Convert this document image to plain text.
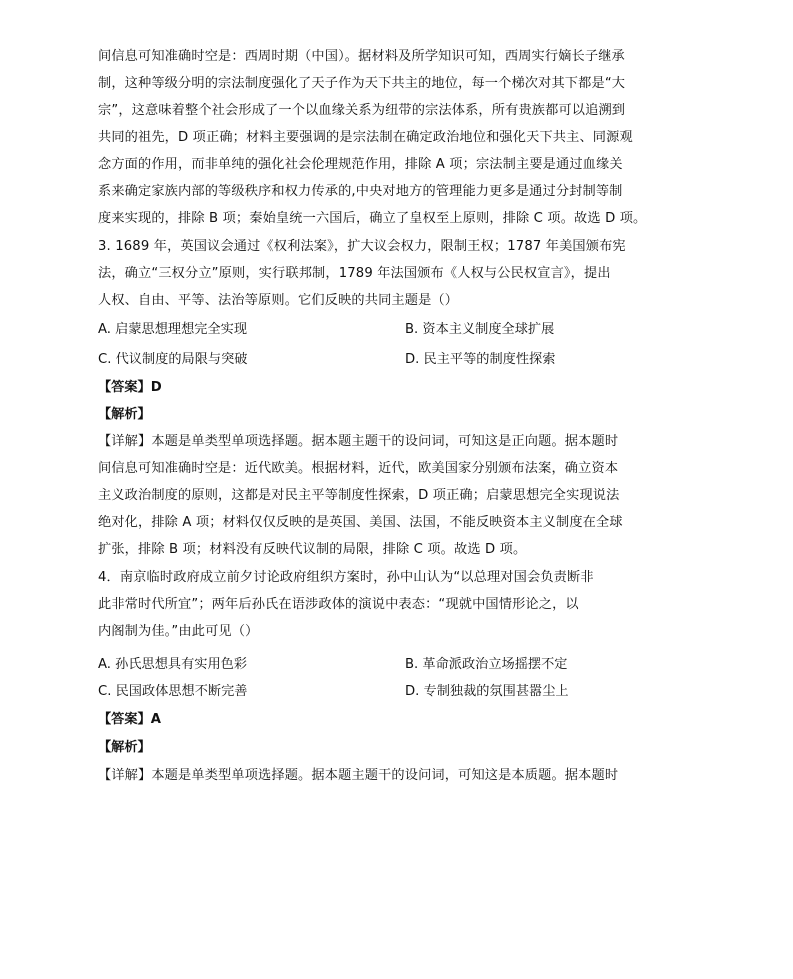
间信息可知准确时空是：西周时期（中国）。据材料及所学知识可知，西周实行嫡长子继承
制，这种等级分明的宗法制度强化了天子作为天下共主的地位，每一个梯次对其下都是“大
宗”，这意味着整个社会形成了一个以血缘关系为纽带的宗法体系，所有贵族都可以追溯到
共同的祖先，D 项正确；材料主要强调的是宗法制在确定政治地位和强化天下共主、同源观
念方面的作用，而非单纯的强化社会伦理规范作用，排除 A 项；宗法制主要是通过血缘关
系来确定家族内部的等级秩序和权力传承的,中央对地方的管理能力更多是通过分封制等制
度来实现的，排除 B 项；秦始皇统一六国后，确立了皇权至上原则，排除 C 项。故选 D 项。
3. 1689 年，英国议会通过《权利法案》，扩大议会权力，限制王权；1787 年美国颁布宪
法，确立“三权分立”原则，实行联邦制，1789 年法国颁布《人权与公民权宣言》，提出
人权、自由、平等、法治等原则。它们反映的共同主题是（）
A. 启蒙思想理想完全实现	B. 资本主义制度全球扩展
C. 代议制度的局限与突破	D. 民主平等的制度性探索
【答案】D
【解析】
【详解】本题是单类型单项选择题。据本题主题干的设问词，可知这是正向题。据本题时
间信息可知准确时空是：近代欧美。根据材料，近代，欧美国家分别颁布法案，确立资本
主义政治制度的原则，这都是对民主平等制度性探索，D 项正确；启蒙思想完全实现说法
绝对化，排除 A 项；材料仅仅反映的是英国、美国、法国，不能反映资本主义制度在全球
扩张，排除 B 项；材料没有反映代议制的局限，排除 C 项。故选 D 项。
4．南京临时政府成立前夕讨论政府组织方案时，孙中山认为“以总理对国会负责断非
此非常时代所宜”；两年后孙氏在语涉政体的演说中表态：“现就中国情形论之，以
内阁制为佳。”由此可见（）
A. 孙氏思想具有实用色彩	B. 革命派政治立场摇摆不定
C. 民国政体思想不断完善	D. 专制独裁的氛围甚嚣尘上
【答案】A
【解析】
【详解】本题是单类型单项选择题。据本题主题干的设问词，可知这是本质题。据本题时
